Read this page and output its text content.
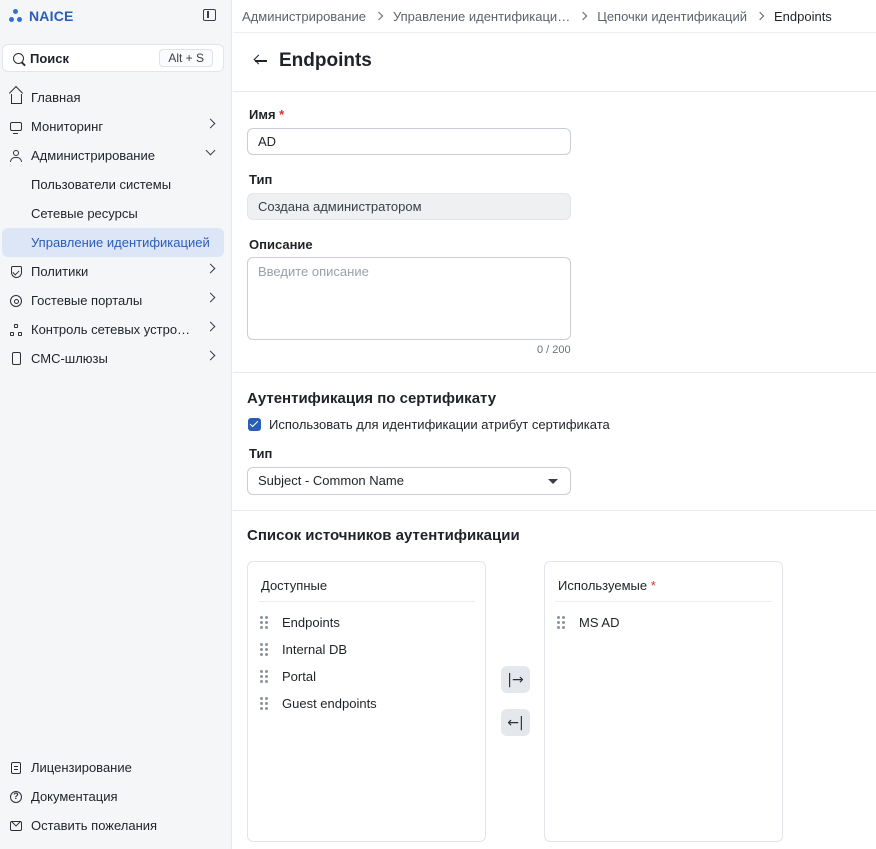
NAICE
Поиск	Alt + S
Главная
Мониторинг
Администрирование
Пользователи системы
Сетевые ресурсы
Управление идентификацией
Политики
Гостевые порталы
Контроль сетевых устро…
СМС-шлюзы
Лицензирование
? Документация
Оставить пожелания
Администрирование Управление идентификаци… Цепочки идентификаций Endpoints
Endpoints
Имя *
AD
Тип
Создана администратором
Описание
Введите описание
0 / 200
Аутентификация по сертификату
Использовать для идентификации атрибут сертификата
Тип
Subject - Common Name
Список источников аутентификации
Доступные
Endpoints
Internal DB
Portal
Guest endpoints
|→
←|
Используемые *
MS AD
